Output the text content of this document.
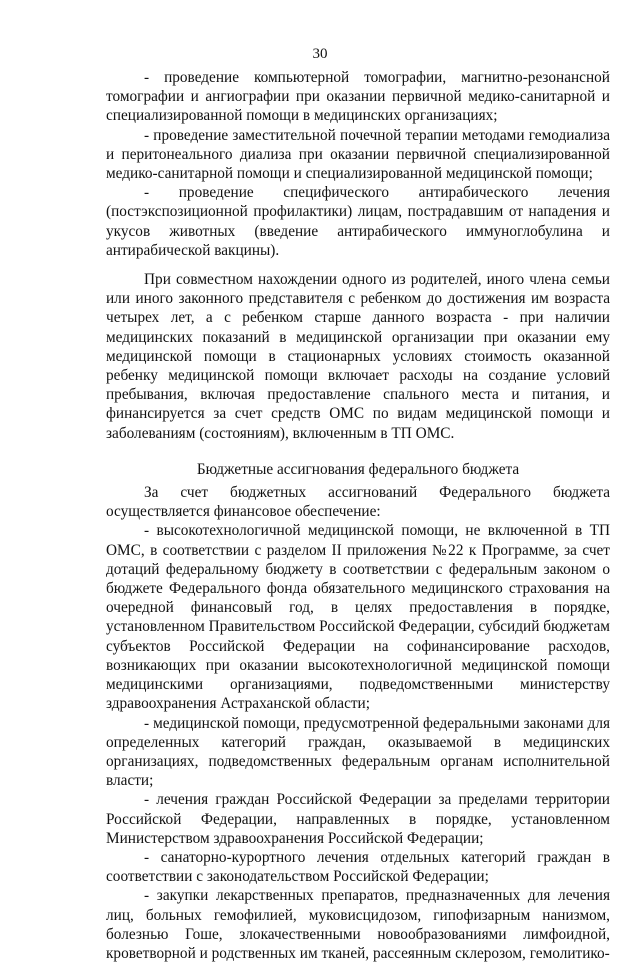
30

- проведение компьютерной томографии, магнитно-резонансной томографии и ангиографии при оказании первичной медико-санитарной и специализированной помощи в медицинских организациях;

- проведение заместительной почечной терапии методами гемодиализа и перитонеального диализа при оказании первичной специализированной медико-санитарной помощи и специализированной медицинской помощи;

- проведение специфического антирабического лечения (постэкспозиционной профилактики) лицам, пострадавшим от нападения и укусов животных (введение антирабического иммуноглобулина и антирабической вакцины).

При совместном нахождении одного из родителей, иного члена семьи или иного законного представителя с ребенком до достижения им возраста четырех лет, а с ребенком старше данного возраста - при наличии медицинских показаний в медицинской организации при оказании ему медицинской помощи в стационарных условиях стоимость оказанной ребенку медицинской помощи включает расходы на создание условий пребывания, включая предоставление спального места и питания, и финансируется за счет средств ОМС по видам медицинской помощи и заболеваниям (состояниям), включенным в ТП ОМС.

Бюджетные ассигнования федерального бюджета

За счет бюджетных ассигнований Федерального бюджета осуществляется финансовое обеспечение:

- высокотехнологичной медицинской помощи, не включенной в ТП ОМС, в соответствии с разделом II приложения №22 к Программе, за счет дотаций федеральному бюджету в соответствии с федеральным законом о бюджете Федерального фонда обязательного медицинского страхования на очередной финансовый год, в целях предоставления в порядке, установленном Правительством Российской Федерации, субсидий бюджетам субъектов Российской Федерации на софинансирование расходов, возникающих при оказании высокотехнологичной медицинской помощи медицинскими организациями, подведомственными министерству здравоохранения Астраханской области;

- медицинской помощи, предусмотренной федеральными законами для определенных категорий граждан, оказываемой в медицинских организациях, подведомственных федеральным органам исполнительной власти;

- лечения граждан Российской Федерации за пределами территории Российской Федерации, направленных в порядке, установленном Министерством здравоохранения Российской Федерации;

- санаторно-курортного лечения отдельных категорий граждан в соответствии с законодательством Российской Федерации;

- закупки лекарственных препаратов, предназначенных для лечения лиц, больных гемофилией, муковисцидозом, гипофизарным нанизмом, болезнью Гоше, злокачественными новообразованиями лимфоидной, кроветворной и родственных им тканей, рассеянным склерозом, гемолитико-
